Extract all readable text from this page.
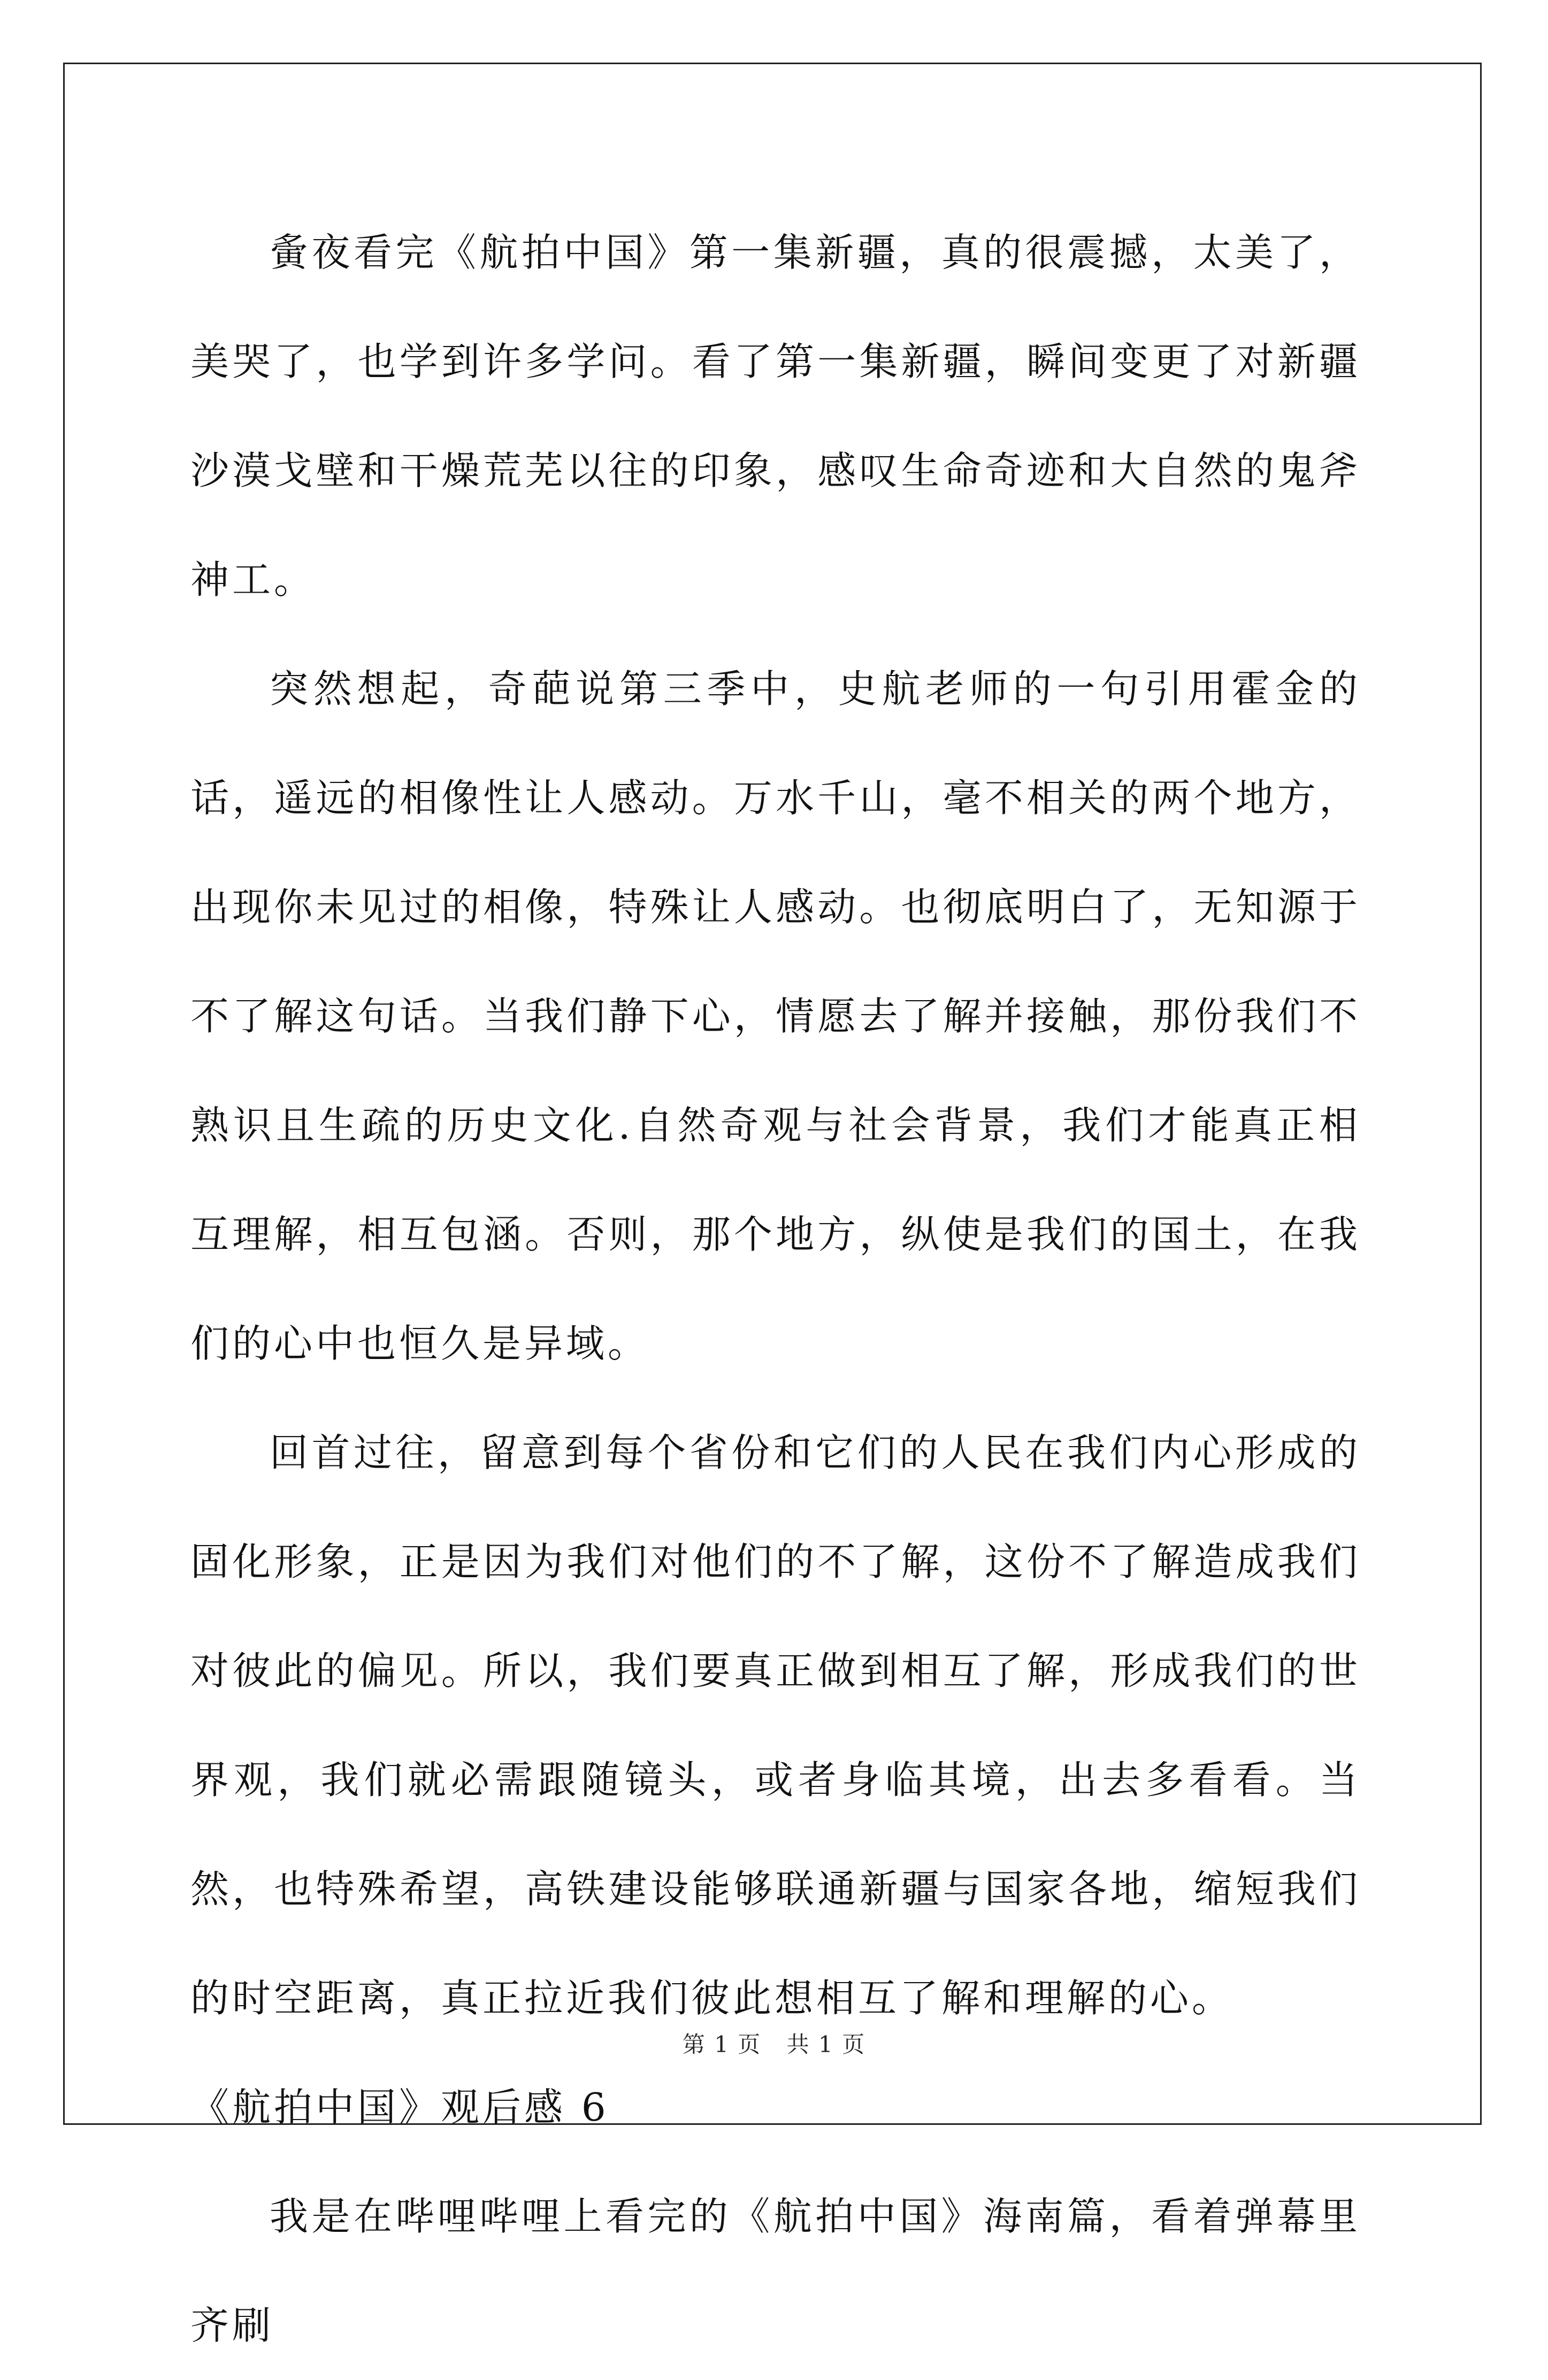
夤夜看完《航拍中国》第一集新疆，真的很震撼，太美了，美哭了，也学到许多学问。看了第一集新疆，瞬间变更了对新疆沙漠戈壁和干燥荒芜以往的印象，感叹生命奇迹和大自然的鬼斧神工。

突然想起，奇葩说第三季中，史航老师的一句引用霍金的话，遥远的相像性让人感动。万水千山，毫不相关的两个地方，出现你未见过的相像，特殊让人感动。也彻底明白了，无知源于不了解这句话。当我们静下心，情愿去了解并接触，那份我们不熟识且生疏的历史文化.自然奇观与社会背景，我们才能真正相互理解，相互包涵。否则，那个地方，纵使是我们的国土，在我们的心中也恒久是异域。

回首过往，留意到每个省份和它们的人民在我们内心形成的固化形象，正是因为我们对他们的不了解，这份不了解造成我们对彼此的偏见。所以，我们要真正做到相互了解，形成我们的世界观，我们就必需跟随镜头，或者身临其境，出去多看看。当然，也特殊希望，高铁建设能够联通新疆与国家各地，缩短我们的时空距离，真正拉近我们彼此想相互了解和理解的心。

《航拍中国》观后感 6

我是在哔哩哔哩上看完的《航拍中国》海南篇，看着弹幕里齐刷

第 1 页 共 1 页
